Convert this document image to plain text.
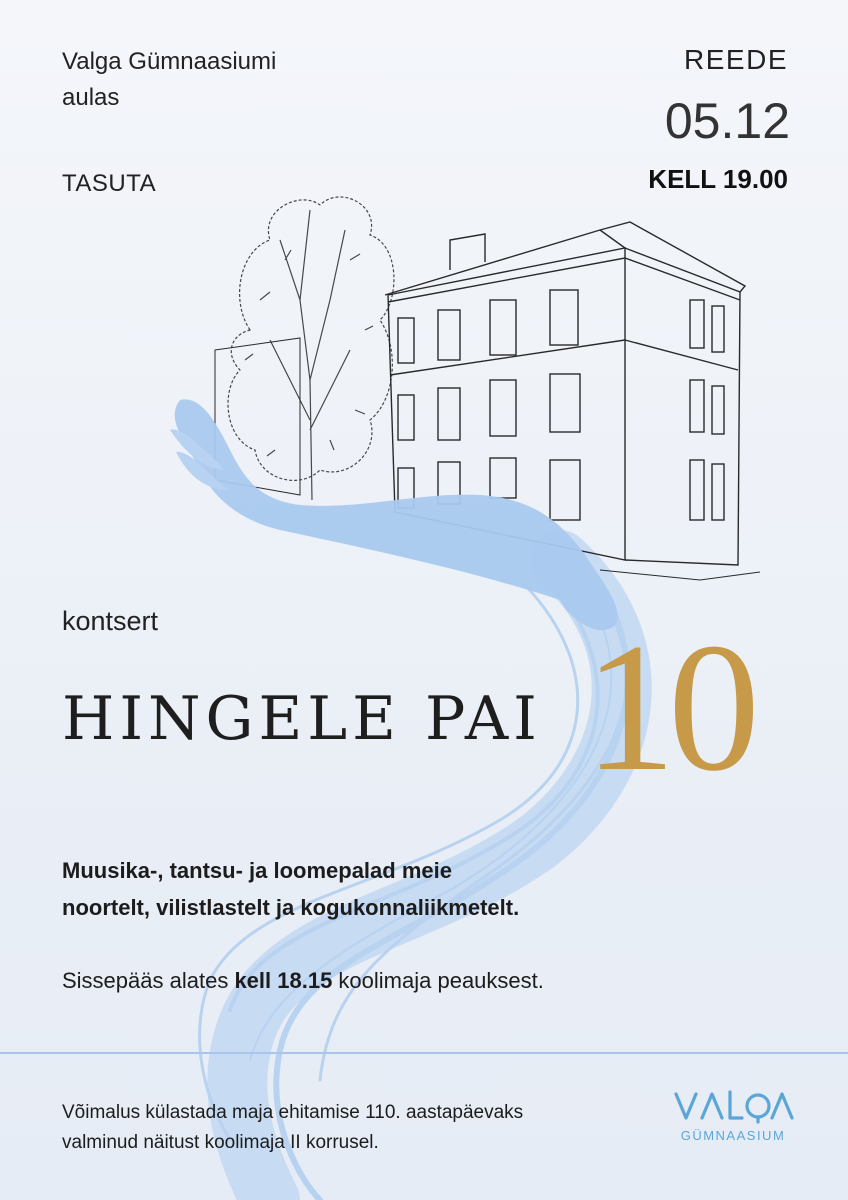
Valga Gümnaasiumi
aulas
TASUTA
REEDE
05.12
KELL 19.00
kontsert
HINGELE PAI 10
Muusika-, tantsu- ja loomepalad meie
noortelt, vilistlastelt ja kogukonnaliikmetelt.
Sissepääs alates kell 18.15 koolimaja peauksest.
Võimalus külastada maja ehitamise 110. aastapäevaks
valminud näitust koolimaja II korrusel.	GÜMNAASIUM
